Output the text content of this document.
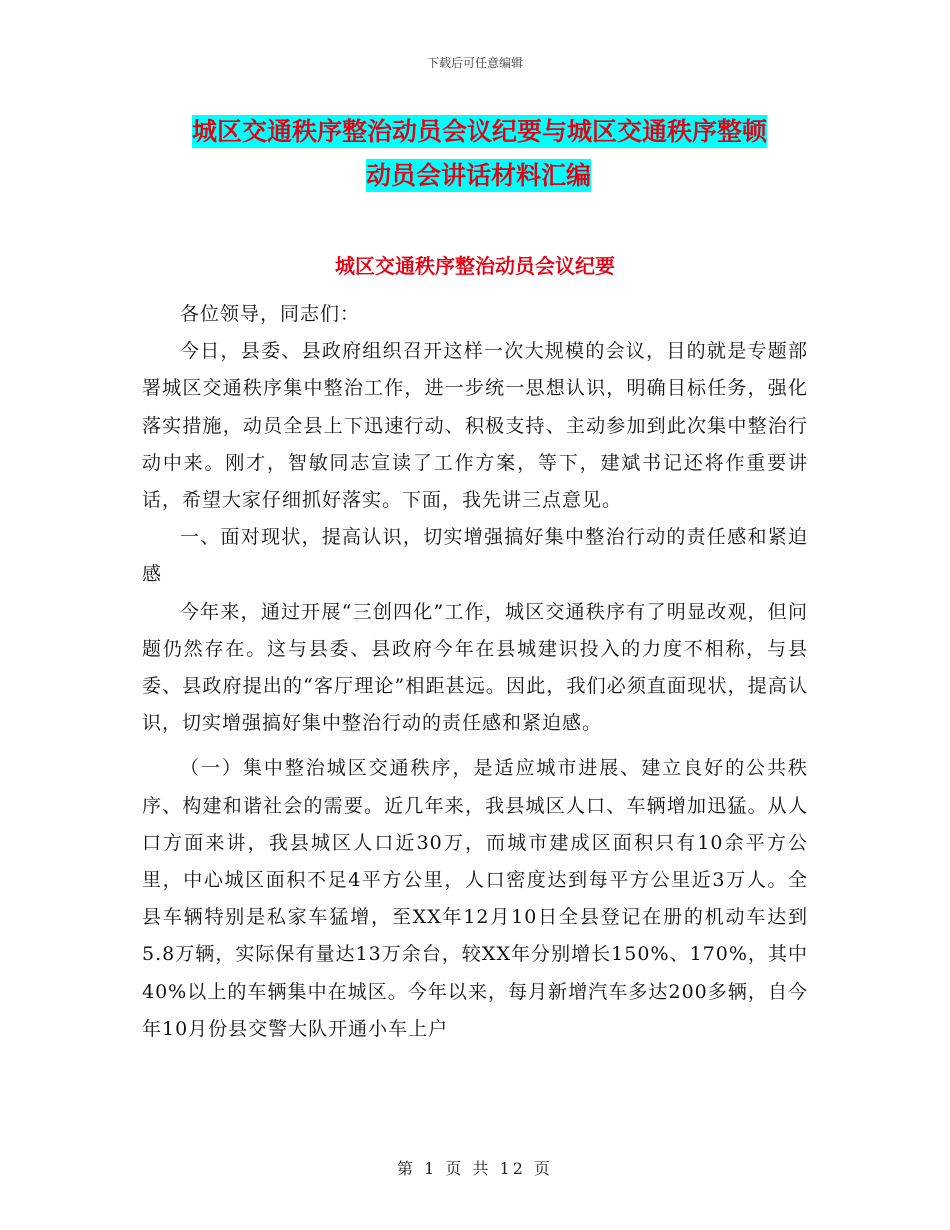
下载后可任意编辑
城区交通秩序整治动员会议纪要与城区交通秩序整顿
动员会讲话材料汇编
城区交通秩序整治动员会议纪要

各位领导，同志们：

今日，县委、县政府组织召开这样一次大规模的会议，目的就是专题部署城区交通秩序集中整治工作，进一步统一思想认识，明确目标任务，强化落实措施，动员全县上下迅速行动、积极支持、主动参加到此次集中整治行动中来。刚才，智敏同志宣读了工作方案，等下，建斌书记还将作重要讲话，希望大家仔细抓好落实。下面，我先讲三点意见。

一、面对现状，提高认识，切实增强搞好集中整治行动的责任感和紧迫感

今年来，通过开展“三创四化”工作，城区交通秩序有了明显改观，但问题仍然存在。这与县委、县政府今年在县城建识投入的力度不相称，与县委、县政府提出的“客厅理论”相距甚远。因此，我们必须直面现状，提高认识，切实增强搞好集中整治行动的责任感和紧迫感。

（一）集中整治城区交通秩序，是适应城市进展、建立良好的公共秩序、构建和谐社会的需要。近几年来，我县城区人口、车辆增加迅猛。从人口方面来讲，我县城区人口近30万，而城市建成区面积只有10余平方公里，中心城区面积不足4平方公里，人口密度达到每平方公里近3万人。全县车辆特别是私家车猛增，至XX年12月10日全县登记在册的机动车达到5.8万辆，实际保有量达13万余台，较XX年分别增长150%、170%，其中40%以上的车辆集中在城区。今年以来，每月新增汽车多达200多辆，自今年10月份县交警大队开通小车上户

第 1 页 共 12 页
